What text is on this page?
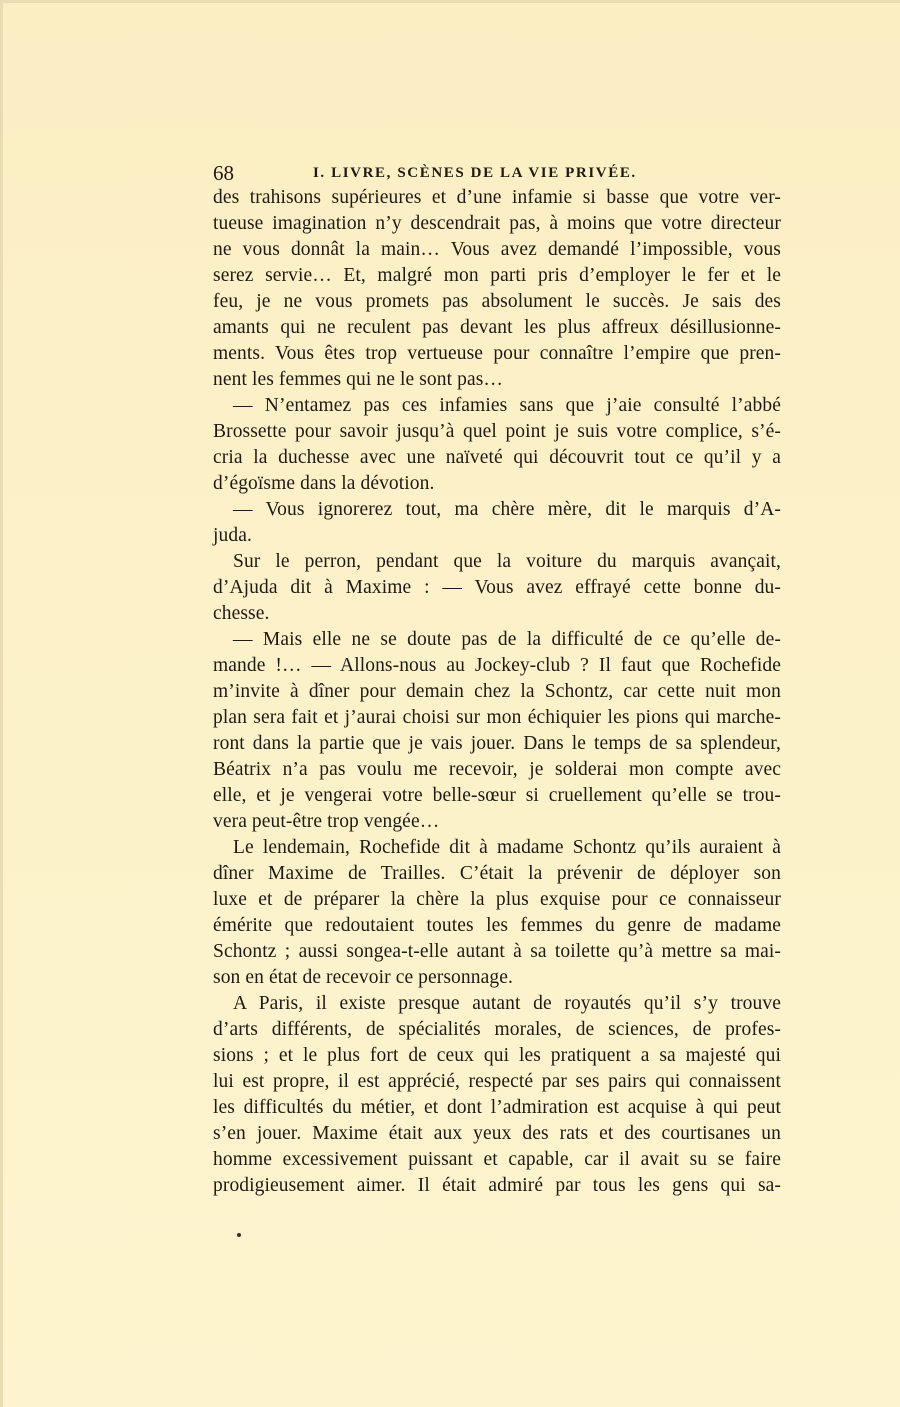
68	I. LIVRE, SCÈNES DE LA VIE PRIVÉE.
des trahisons supérieures et d’une infamie si basse que votre ver-
tueuse imagination n’y descendrait pas, à moins que votre directeur
ne vous donnât la main… Vous avez demandé l’impossible, vous
serez servie… Et, malgré mon parti pris d’employer le fer et le
feu, je ne vous promets pas absolument le succès. Je sais des
amants qui ne reculent pas devant les plus affreux désillusionne-
ments. Vous êtes trop vertueuse pour connaître l’empire que pren-
nent les femmes qui ne le sont pas…
— N’entamez pas ces infamies sans que j’aie consulté l’abbé
Brossette pour savoir jusqu’à quel point je suis votre complice, s’é-
cria la duchesse avec une naïveté qui découvrit tout ce qu’il y a
d’égoïsme dans la dévotion.
— Vous ignorerez tout, ma chère mère, dit le marquis d’A-
juda.
Sur le perron, pendant que la voiture du marquis avançait,
d’Ajuda dit à Maxime : — Vous avez effrayé cette bonne du-
chesse.
— Mais elle ne se doute pas de la difficulté de ce qu’elle de-
mande !… — Allons-nous au Jockey-club ? Il faut que Rochefide
m’invite à dîner pour demain chez la Schontz, car cette nuit mon
plan sera fait et j’aurai choisi sur mon échiquier les pions qui marche-
ront dans la partie que je vais jouer. Dans le temps de sa splendeur,
Béatrix n’a pas voulu me recevoir, je solderai mon compte avec
elle, et je vengerai votre belle-sœur si cruellement qu’elle se trou-
vera peut-être trop vengée…
Le lendemain, Rochefide dit à madame Schontz qu’ils auraient à
dîner Maxime de Trailles. C’était la prévenir de déployer son
luxe et de préparer la chère la plus exquise pour ce connaisseur
émérite que redoutaient toutes les femmes du genre de madame
Schontz ; aussi songea-t-elle autant à sa toilette qu’à mettre sa mai-
son en état de recevoir ce personnage.
A Paris, il existe presque autant de royautés qu’il s’y trouve
d’arts différents, de spécialités morales, de sciences, de profes-
sions ; et le plus fort de ceux qui les pratiquent a sa majesté qui
lui est propre, il est apprécié, respecté par ses pairs qui connaissent
les difficultés du métier, et dont l’admiration est acquise à qui peut
s’en jouer. Maxime était aux yeux des rats et des courtisanes un
homme excessivement puissant et capable, car il avait su se faire
prodigieusement aimer. Il était admiré par tous les gens qui sa-
